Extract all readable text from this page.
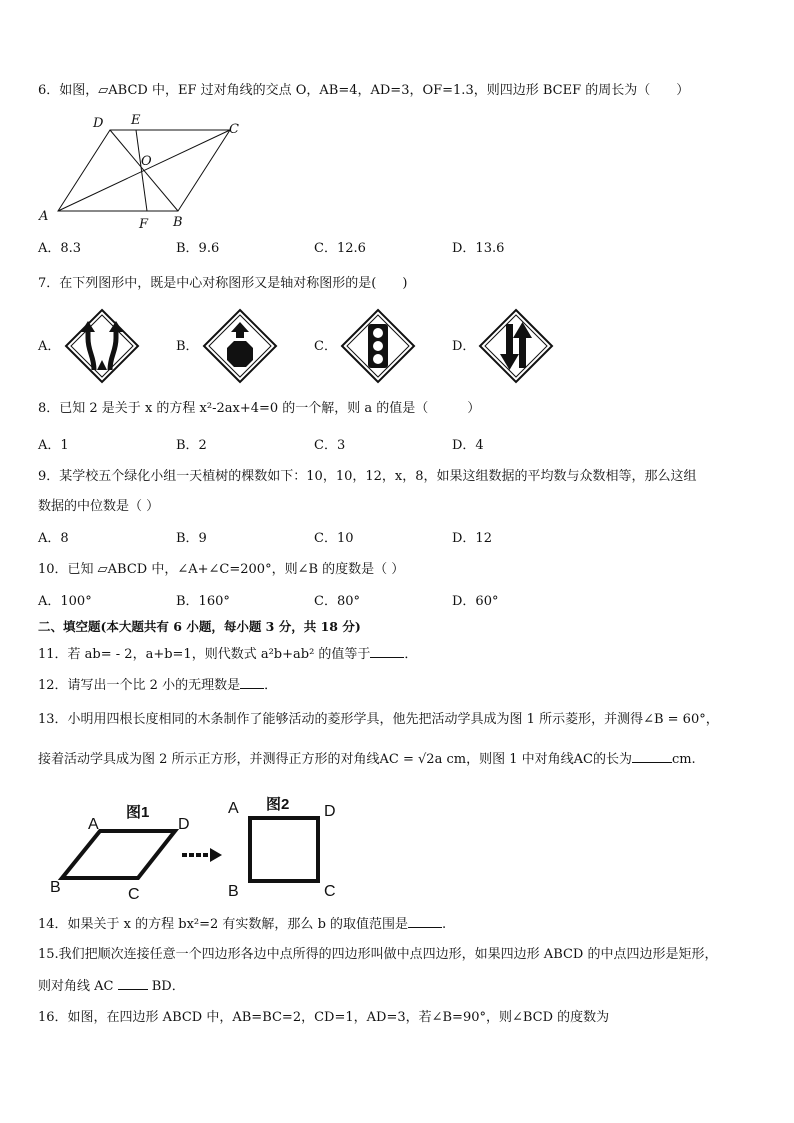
6．如图，▱ABCD 中，EF 过对角线的交点 O，AB=4，AD=3，OF=1.3，则四边形 BCEF 的周长为（　　）
D E
C
O
A
F B
A．8.3	B．9.6	C．12.6	D．13.6
7．在下列图形中，既是中心对称图形又是轴对称图形的是(　　)
A．	B．	C．	D．
8．已知 2 是关于 x 的方程 x²-2ax+4=0 的一个解，则 a 的值是（　　　）
A．1	B．2	C．3	D．4
9．某学校五个绿化小组一天植树的棵数如下：10，10，12，x，8，如果这组数据的平均数与众数相等，那么这组
数据的中位数是（ ）
A．8	B．9	C．10	D．12
10．已知 ▱ABCD 中，∠A+∠C=200°，则∠B 的度数是（ ）
A．100°	B．160°	C．80°	D．60°
二、填空题(本大题共有 6 小题，每小题 3 分，共 18 分)
11．若 ab= - 2，a+b=1，则代数式 a²b+ab² 的值等于	．
12．请写出一个比 2 小的无理数是 ．
13．小明用四根长度相同的木条制作了能够活动的菱形学具，他先把活动学具成为图 1 所示菱形，并测得∠B = 60°，
接着活动学具成为图 2 所示正方形，并测得正方形的对角线AC = √2a cm，则图 1 中对角线AC的长为	cm.
图1	图2
A	D
B	C
A	D
B	C
14．如果关于 x 的方程 bx²=2 有实数解，那么 b 的取值范围是	.
15.我们把顺次连接任意一个四边形各边中点所得的四边形叫做中点四边形，如果四边形 ABCD 的中点四边形是矩形，
则对角线 AC	BD．
16．如图，在四边形 ABCD 中，AB=BC=2，CD=1，AD=3，若∠B=90°，则∠BCD 的度数为
